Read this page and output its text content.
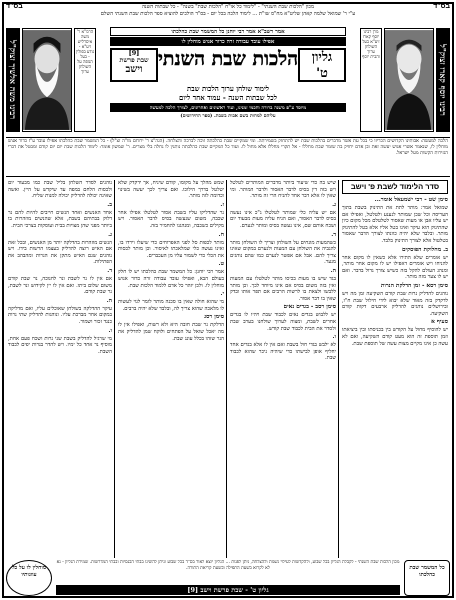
בס"ד
בס"ד	מכון "הלכות שבת השנתי" - "לימוד כל או"ח "הלכות שבת" בשנה" - כל שבתות השנה
ע"י ר' שמואל שלמה קאהן שליט"א מח"ס שו"ת ... לימוד הלכה בכל יום - בס"ד הולכים להוציא ספר הלכות שבת השנתי השלם
רבינו יוסף קארו זצוק"ל
מרן רבינו יוסף קארו זיע"א בעל השולחן ערוך והבית יוסף
רבינו משה אלשיך זצוק"ל
הרמ"א ר' משה איסרליש זיע"א - נודע בפולין - בעל המפה על השולחן ערוך
אמר רשב"א אמר רבי יוחנן כל המשמר שבת כהלכתו
אפילו עובד עבודה זרה כדור אנוש מוחלין לו
גליון
ט'
הלכות שבת השנתי
[9]
שבת פרשת
וישב
לימוד שולחן ערוך הלכות שבת
לכל שבתות השנה - עמוד אחד ליום
מיוסד ע"פ משנה ברורה וחכמי זמנינו, ועוד ראשונים ואחרונים, לצורך הלכה למעשה
עליהם למחות בשם אבות בשבת. (ספר החידושים)
הלכה למעשה: אבותינו הקדושים הכריזו כי בכל עת אשר מדברים בהלכות שבת יש להתחזק בשמירתה. ומי שמקיים שבת כהלכתה זוכה לברכה והצלחה. (הגה"צ ר' ירוחם מו"ה זצ"ל) - כל המשמר שבת כהלכתו אפילו עובד ע"ז כדור אנוש מוחלין לו, שנאמר אשרי אנוש יעשה זאת ובן אדם יחזיק בה שומר שבת מחללו - אל תקרי מחללו אלא מחול לו. ועוד כל המקיים שבת כהלכתה נותנין לו נחלה בלי מצרים. ר' שמשון אומר: לימוד הלכות שבת יום יום קודם ומבטל את דברי הגזירות הקשות מעל ישראל.
סדר הלימוד לשבת פ' וישב
סימן שט - רבי ישמעאל אומר...

שמואל אמר: מותר לתת את התינוק בשבת בתוך העריסה וכל שכן שמותר לנענע ולטלטל, ואפילו אם יש עליו אבן או מעות שאסור לטלטלם מכל מקום כיון שהתינוק הוא עיקר ואינו בטל אליו אלא בטל להתינוק מותר. ובלבד שלא יהיה כוונתו לצורך הדבר שאסור בטלטול אלא לצורך התינוק בלבד.

ב. מחלוקת הפוסקים

יש אומרים שלא התירו אלא כשאין לו מקום אחר להניחו ויש אומרים דאפילו יש לו מקום אחר מותר, ומנהג העולם להקל בזה כשיש צורך גדול בדבר. ואם יש לו צער מזה מותר.

סימן רסא - זמן הדלקת הנרות

נוהגים להדליק נרות שבת קודם השקיעה זמן מה ויש לדקדק בזה מאוד שלא יבוא לידי חילול שבת ח"ו, ובירושלים נוהגים להדליק ארבעים דקות קודם השקיעה.

סעיף א

יש להוסיף מחול על הקודש בין בכניסתו ובין ביציאתו וזמן תוספת זה הוא מעט קודם השקיעה, ואם לא עשה כן אינו מקיים מצות עשה של תוספת שבת.

שיש בה כדי שיעור ביותר מדברים המותרים לטלטל ויש בזה דין בסיס לדבר האסור ולדבר המותר. ומי שאין לו אלא דבר אחד להניח הרי זה מותר.

ג.

אם יש עליה כלי שמותר לטלטלו ג"כ אינו נעשה בסיס לדבר האסור, ואם הניח עליה מעות מבעוד יום ושכח אותם שם, אינו נעשה בסיס ומותר לנערם.

ד.

כשהמעות מונחים על השולחן וצריך לו השולחן מותר להגביה את השולחן עם המעות ולנערם במקום שאינו צריך להם. אבל אם אפשר לנערם כמו שהם נוהגים מנער.

ה.

בגד שיש בו מעות בכיסו מותר לטלטלו עם המעות ואין בזה משום בסיס אם אינו מיוחד לכך. וכן מותר ללבשו ולצאת בו לרשות הרבים אם תפר אותו ובדק שאין בו דבר אסור.

סימן רסב - בגדים נאים

יש ללבוש בגדים נאים לכבוד שבת ויהיו לו בגדים אחרים לשבת, ומצוה לערוך שולחנו בערב שבת ולסדר את הבית לכבוד שבת קודש.

ו.

לא ילבש בגדי חול בשבת ואם אין לו אלא בגדים אחד יחליף אופן לבישתו כדי שיהיה ניכר שהוא לכבוד שבת.

שמש מהלך על מקומו, קודם שיניח, אך ידקדק שלא יטלטל בדרך הילוכו. ואם צריך לכך יעשה בשינוי וכדומה לזה מותר.

ז.

נר שהדליקו עליו בשבת אסור לטלטלו אפילו אחר שכבה, משום שנעשה בסיס לדבר האסור. ויש מקילים כשכבה, ומנהגנו להחמיר בזה.

ח.

מותר לכפות סל לפני האפרוחים כדי שיעלו וירדו בו, ואינו נעשה כלי שמלאכתו לאיסור. וכן מותר לכסות את הכלי כדי לשמור עליו מן העכברים.

ט.

אמר רבי יוחנן: כל המשמר שבת כהלכתו יש לו חלק בעולם הבא, ואפילו עובד עבודה זרה כדור אנוש מוחלין לו. ולכן יזהר כל אדם ללמוד הלכות שבת.

י.

מי שהוא חולה שאין בו סכנה מותר לומר לגוי לעשות לו מלאכה שהוא צריך לה, ובלבד שלא יהיה ברבים.

סימן רסג

הדלקת נר שבת חובה היא ולא רשות, ואפילו אין לו מה יאכל שואל על הפתחים ולוקח שמן להדליק את הנר שזהו בכלל עונג שבת.

נוהגים לסדר השלחן בליל שבת כמו מבעוד יום ולכסות הלחם במפה עד שיקדש על היין. ואשה שאינה יכולה להדליק יכולה למנות שליח.

ב.

אחד האנשים ואחד הנשים חייבים להיות להם נר דלוק בבתיהם בשבת, אלא שהנשים מוזהרות בו ביותר מפני שהן מצויות בבית ועוסקות בצרכי הבית.

ג.

הנשים מוזהרות בהדלקה יותר מן האנשים, ובכל זאת אם האיש רוצה להדליק בעצמו הרשות בידו. ויש נוהגים שגם האיש מתקן את הנרות ומהבהב את הפתילות.

ד.

אם אין לו נר לשבת ונר לחנוכה, נר שבת קודם משום שלום ביתו. ואם אין לו יין לקידוש ונר לשבת, נר שבת קודם.

ה.

עיקר ההדלקה בשולחן שאוכלים עליו, ואם מדליקה במקום אחר מברכת עליו. ונוהגות להדליק שתי נרות כנגד זכור ושמור.

ו.

מי שרגיל להדליק בשבת שני נרות ושכח פעם אחת, מוסיף נר אחד כל ימיו. ויש להדר בנרות יפים לכבוד השבת.

כל המשמר שבת כהלכתו
מכון הלכות שבת השנתי - לקבלת הגליון בכל שבוע, ולהקדשות לעילוי נשמת ולהצלחה, ניתן לפנות ... הגליון יוצא לאור בס"ד בכל שבוע וניתן להשיגו בבתי הכנסיות ובבתי המדרשות. שמירת הגליון - נא לא לקרוא בשעת התפילה ובשעת קריאת התורה.
גליון ט' - שבת פרשת וישב [9]
מוחלין לו על כל עוונותיו
